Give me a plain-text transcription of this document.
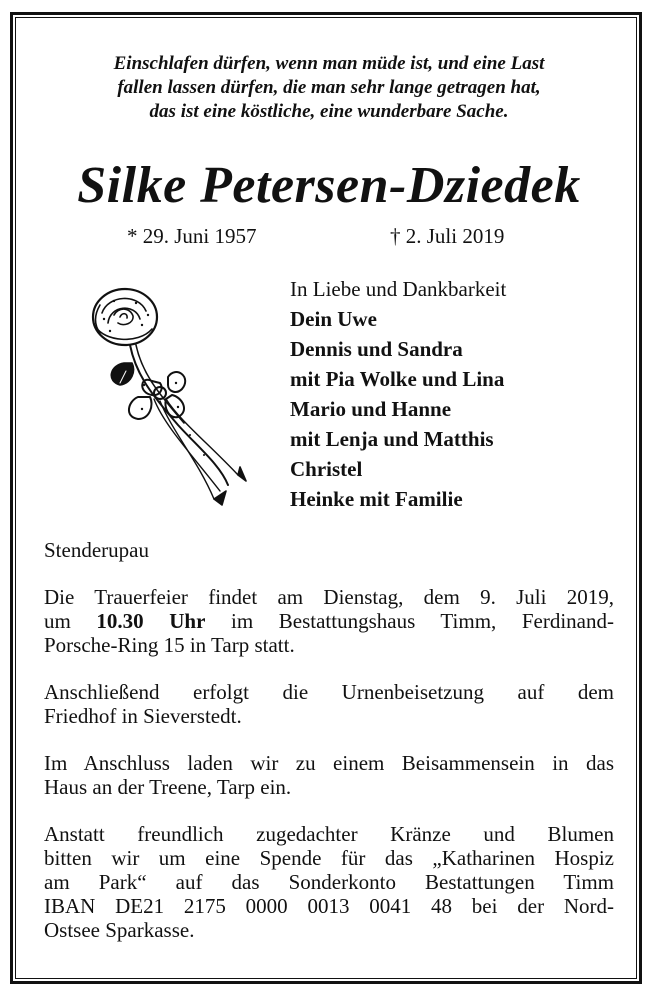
Einschlafen dürfen, wenn man müde ist, und eine Last
fallen lassen dürfen, die man sehr lange getragen hat,
das ist eine köstliche, eine wunderbare Sache.
Silke Petersen-Dziedek
* 29. Juni 1957	† 2. Juli 2019
In Liebe und Dankbarkeit
Dein Uwe
Dennis und Sandra
mit Pia Wolke und Lina
Mario und Hanne
mit Lenja und Matthis
Christel
Heinke mit Familie
Stenderupau
Die Trauerfeier findet am Dienstag, dem 9. Juli 2019,
um 10.30 Uhr im Bestattungshaus Timm, Ferdinand-
Porsche-Ring 15 in Tarp statt.
Anschließend erfolgt die Urnenbeisetzung auf dem
Friedhof in Sieverstedt.
Im Anschluss laden wir zu einem Beisammensein in das
Haus an der Treene, Tarp ein.
Anstatt freundlich zugedachter Kränze und Blumen
bitten wir um eine Spende für das „Katharinen Hospiz
am Park“ auf das Sonderkonto Bestattungen Timm
IBAN DE21 2175 0000 0013 0041 48 bei der Nord-
Ostsee Sparkasse.
